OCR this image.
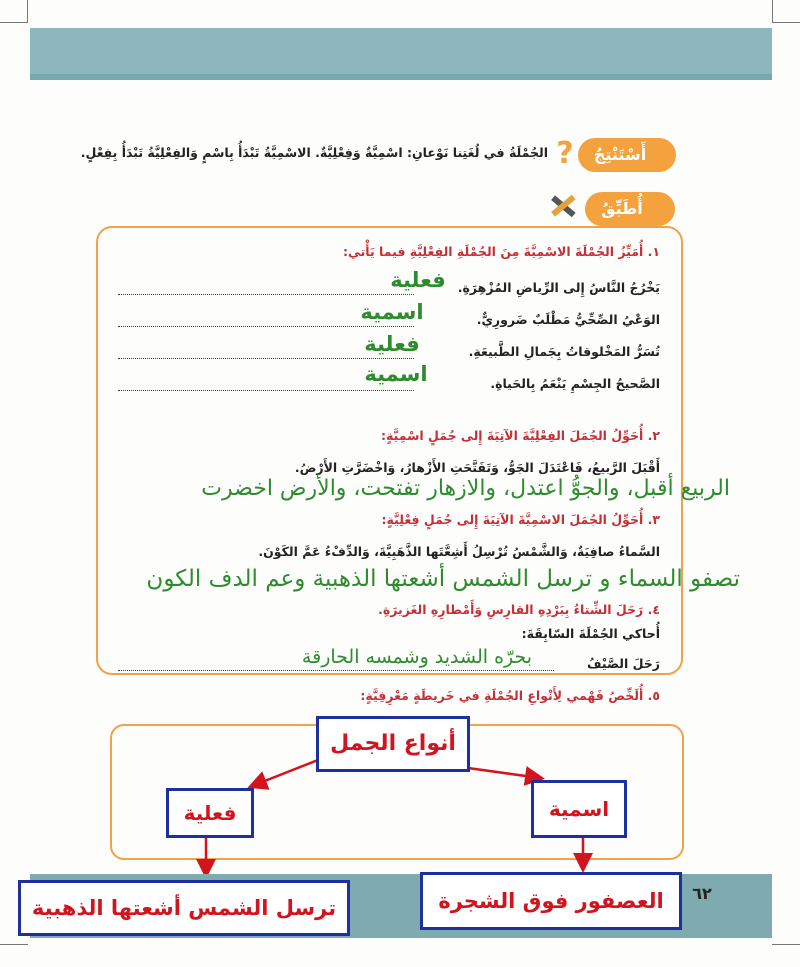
أَسْتَنْتِجُ
?
الجُمْلَةُ في لُغَتِنا نَوْعانِ: اسْمِيَّةٌ وَفِعْلِيَّةٌ. الاسْمِيَّةُ تَبْدَأُ بِاسْمٍ وَالفِعْلِيَّةُ تَبْدَأُ بِفِعْلٍ.
أُطَبِّقُ
١. أُمَيِّزُ الجُمْلَةَ الاسْمِيَّةَ مِنَ الجُمْلَةِ الفِعْلِيَّةِ فيما يَأْتي:
يَخْرُجُ النَّاسُ إِلى الرِّياضِ المُزْهِرَةِ.
فعلية
الوَعْيُ الصِّحِّيُّ مَطْلَبٌ ضَرورِيٌّ.
اسمية
تُسَرُّ المَخْلوقاتُ بِجَمالِ الطَّبيعَةِ.
فعلية
الصَّحيحُ الجِسْمِ يَنْعَمُ بِالحَياةِ.
اسمية
٢. أُحَوِّلُ الجُمَلَ الفِعْلِيَّةَ الآتِيَةَ إِلى جُمَلٍ اسْمِيَّةٍ:
أَقْبَلَ الرَّبيعُ، فَاعْتَدَلَ الجَوُّ، وَتَفَتَّحَتِ الأَزْهارُ، وَاخْضَرَّتِ الأَرْضُ.
الربيع أقبل، والجوُّ اعتدل، والازهار تفتحت، والأرض اخضرت
٣. أُحَوِّلُ الجُمَلَ الاسْمِيَّةَ الآتِيَةَ إِلى جُمَلٍ فِعْلِيَّةٍ:
السَّماءُ صافِيَةٌ، وَالشَّمْسُ تُرْسِلُ أَشِعَّتَها الذَّهَبِيَّةَ، وَالدِّفْءُ عَمَّ الكَوْنَ.
تصفو السماء و ترسل الشمس أشعتها الذهبية وعم الدف الكون
٤. رَحَلَ الشِّتاءُ بِبَرْدِهِ القارِسِ وَأَمْطارِهِ الغَزيرَةِ.
أُحاكي الجُمْلَةَ السّابِقَةَ:
رَحَلَ الصَّيْفُ
بحرّه الشديد وشمسه الحارقة
٥. أُلَخِّصُ فَهْمي لِأَنْواعِ الجُمْلَةِ في خَريطَةٍ مَعْرِفِيَّةٍ:
أنواع الجمل
فعلية	اسمية
٦٢
ترسل الشمس أشعتها الذهبية	العصفور فوق الشجرة
